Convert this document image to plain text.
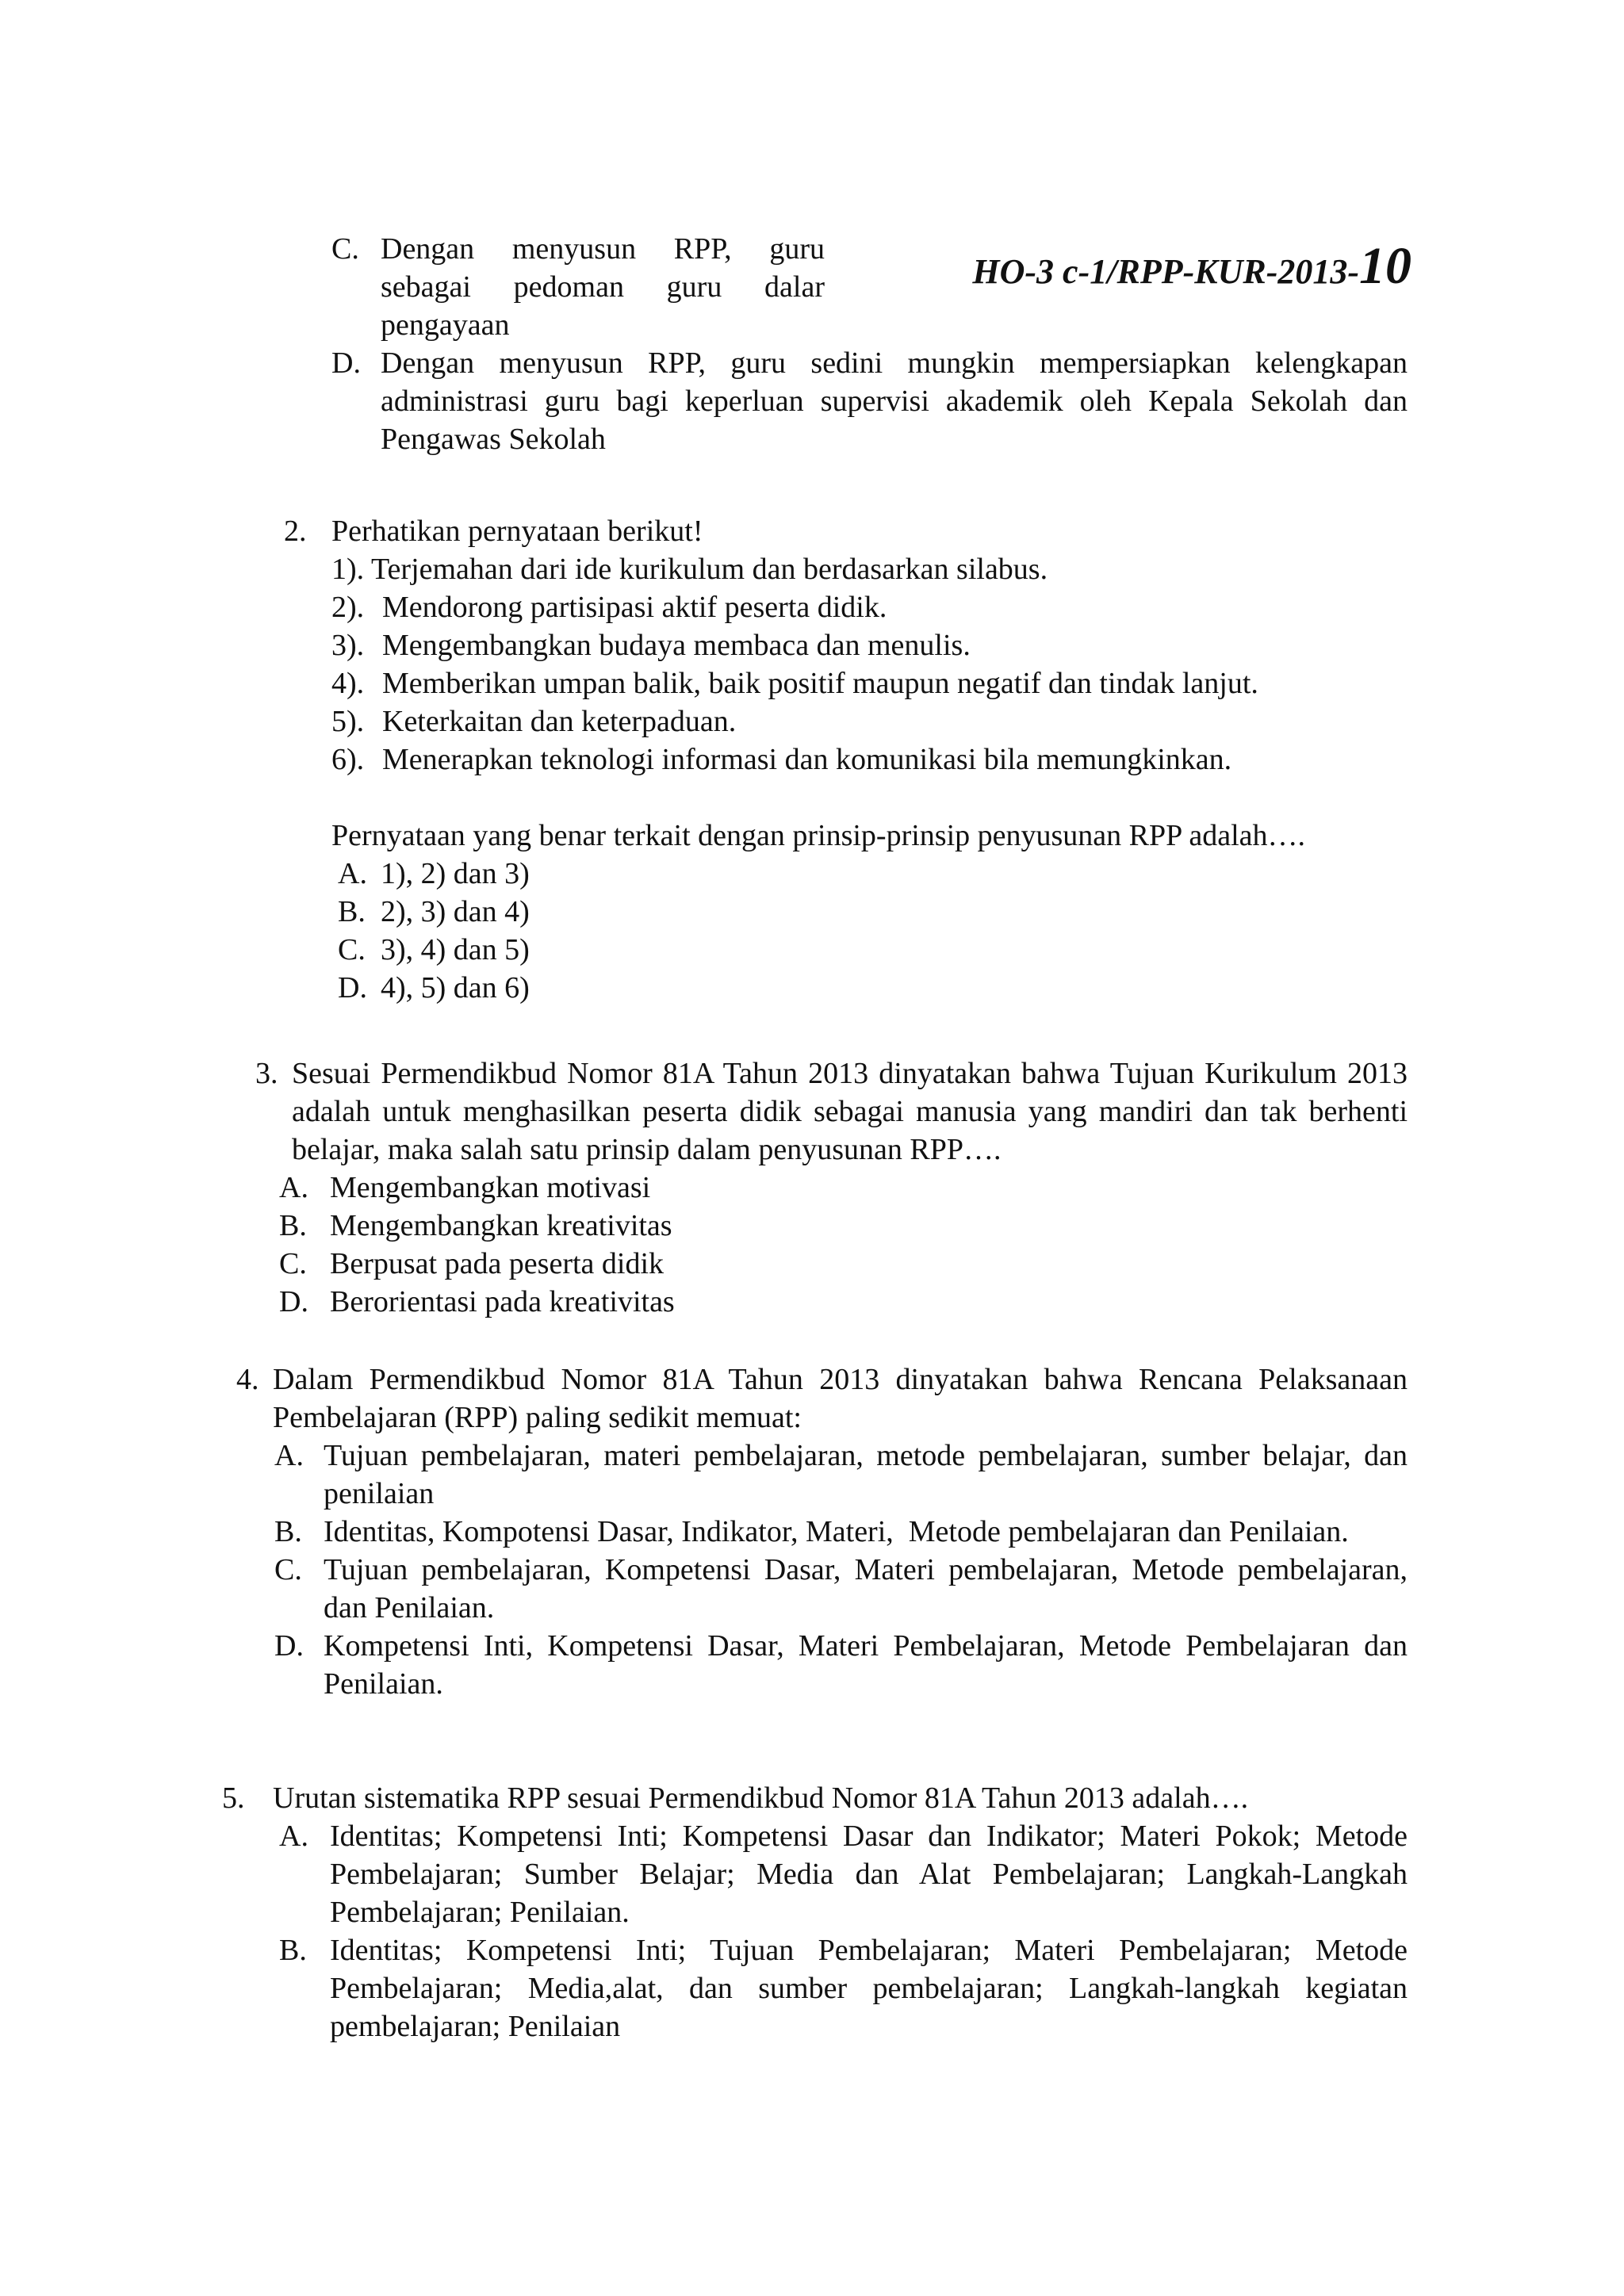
HO-3 c-1/RPP-KUR-2013-10
C. Dengan menyusun RPP, guru
sebagai pedoman guru dalar
pengayaan
D. Dengan menyusun RPP, guru sedini mungkin mempersiapkan kelengkapan administrasi guru bagi keperluan supervisi akademik oleh Kepala Sekolah dan Pengawas Sekolah
2. Perhatikan pernyataan berikut!
1). Terjemahan dari ide kurikulum dan berdasarkan silabus.
2). Mendorong partisipasi aktif peserta didik.
3). Mengembangkan budaya membaca dan menulis.
4). Memberikan umpan balik, baik positif maupun negatif dan tindak lanjut.
5). Keterkaitan dan keterpaduan.
6). Menerapkan teknologi informasi dan komunikasi bila memungkinkan.
Pernyataan yang benar terkait dengan prinsip-prinsip penyusunan RPP adalah….
A. 1), 2) dan 3)
B. 2), 3) dan 4)
C. 3), 4) dan 5)
D. 4), 5) dan 6)
3. Sesuai Permendikbud Nomor 81A Tahun 2013 dinyatakan bahwa Tujuan Kurikulum 2013 adalah untuk menghasilkan peserta didik sebagai manusia yang mandiri dan tak berhenti belajar, maka salah satu prinsip dalam penyusunan RPP….
A. Mengembangkan motivasi
B. Mengembangkan kreativitas
C. Berpusat pada peserta didik
D. Berorientasi pada kreativitas
4. Dalam Permendikbud Nomor 81A Tahun 2013 dinyatakan bahwa Rencana Pelaksanaan Pembelajaran (RPP) paling sedikit memuat:
A. Tujuan pembelajaran, materi pembelajaran, metode pembelajaran, sumber belajar, dan penilaian
B. Identitas, Kompotensi Dasar, Indikator, Materi,  Metode pembelajaran dan Penilaian.
C. Tujuan pembelajaran, Kompetensi Dasar, Materi pembelajaran, Metode pembelajaran, dan Penilaian.
D. Kompetensi Inti, Kompetensi Dasar, Materi Pembelajaran, Metode Pembelajaran dan Penilaian.
5. Urutan sistematika RPP sesuai Permendikbud Nomor 81A Tahun 2013 adalah….
A. Identitas; Kompetensi Inti; Kompetensi Dasar dan Indikator; Materi Pokok; Metode Pembelajaran; Sumber Belajar; Media dan Alat Pembelajaran; Langkah-Langkah Pembelajaran; Penilaian.
B. Identitas; Kompetensi Inti; Tujuan Pembelajaran; Materi Pembelajaran; Metode Pembelajaran; Media,alat, dan sumber pembelajaran; Langkah-langkah kegiatan pembelajaran; Penilaian
